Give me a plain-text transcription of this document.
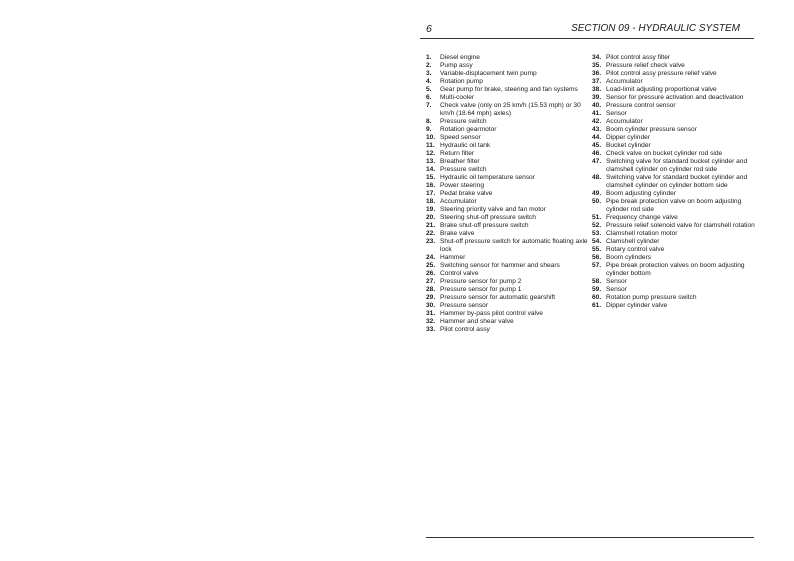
6	SECTION 09 - HYDRAULIC SYSTEM
1. Diesel engine
2. Pump assy
3. Variable-displacement twin pump
4. Rotation pump
5. Gear pump for brake, steering and fan systems
6. Multi-cooler
7. Check valve (only on 25 km/h (15.53 mph) or 30 km/h (18.64 mph) axles)
8. Pressure switch
9. Rotation gearmotor
10. Speed sensor
11. Hydraulic oil tank
12. Return filter
13. Breather filter
14. Pressure switch
15. Hydraulic oil temperature sensor
16. Power steering
17. Pedal brake valve
18. Accumulator
19. Steering priority valve and fan motor
20. Steering shut-off pressure switch
21. Brake shut-off pressure switch
22. Brake valve
23. Shut-off pressure switch for automatic floating axle lock
24. Hammer
25. Switching sensor for hammer and shears
26. Control valve
27. Pressure sensor for pump 2
28. Pressure sensor for pump 1
29. Pressure sensor for automatic gearshift
30. Pressure sensor
31. Hammer by-pass pilot control valve
32. Hammer and shear valve
33. Pilot control assy
34. Pilot control assy filter
35. Pressure relief check valve
36. Pilot control assy pressure relief valve
37. Accumulator
38. Load-limit adjusting proportional valve
39. Sensor for pressure activation and deactivation
40. Pressure control sensor
41. Sensor
42. Accumulator
43. Boom cylinder pressure sensor
44. Dipper cylinder
45. Bucket cylinder
46. Check valve on bucket cylinder rod side
47. Switching valve for standard bucket cylinder and clamshell cylinder on cylinder rod side
48. Switching valve for standard bucket cylinder and clamshell cylinder on cylinder bottom side
49. Boom adjusting cylinder
50. Pipe break protection valve on boom adjusting cylinder rod side
51. Frequency change valve
52. Pressure relief solenoid valve for clamshell rotation
53. Clamshell rotation motor
54. Clamshell cylinder
55. Rotary control valve
56. Boom cylinders
57. Pipe break protection valves on boom adjusting cylinder bottom
58. Sensor
59. Sensor
60. Rotation pump pressure switch
61. Dipper cylinder valve
